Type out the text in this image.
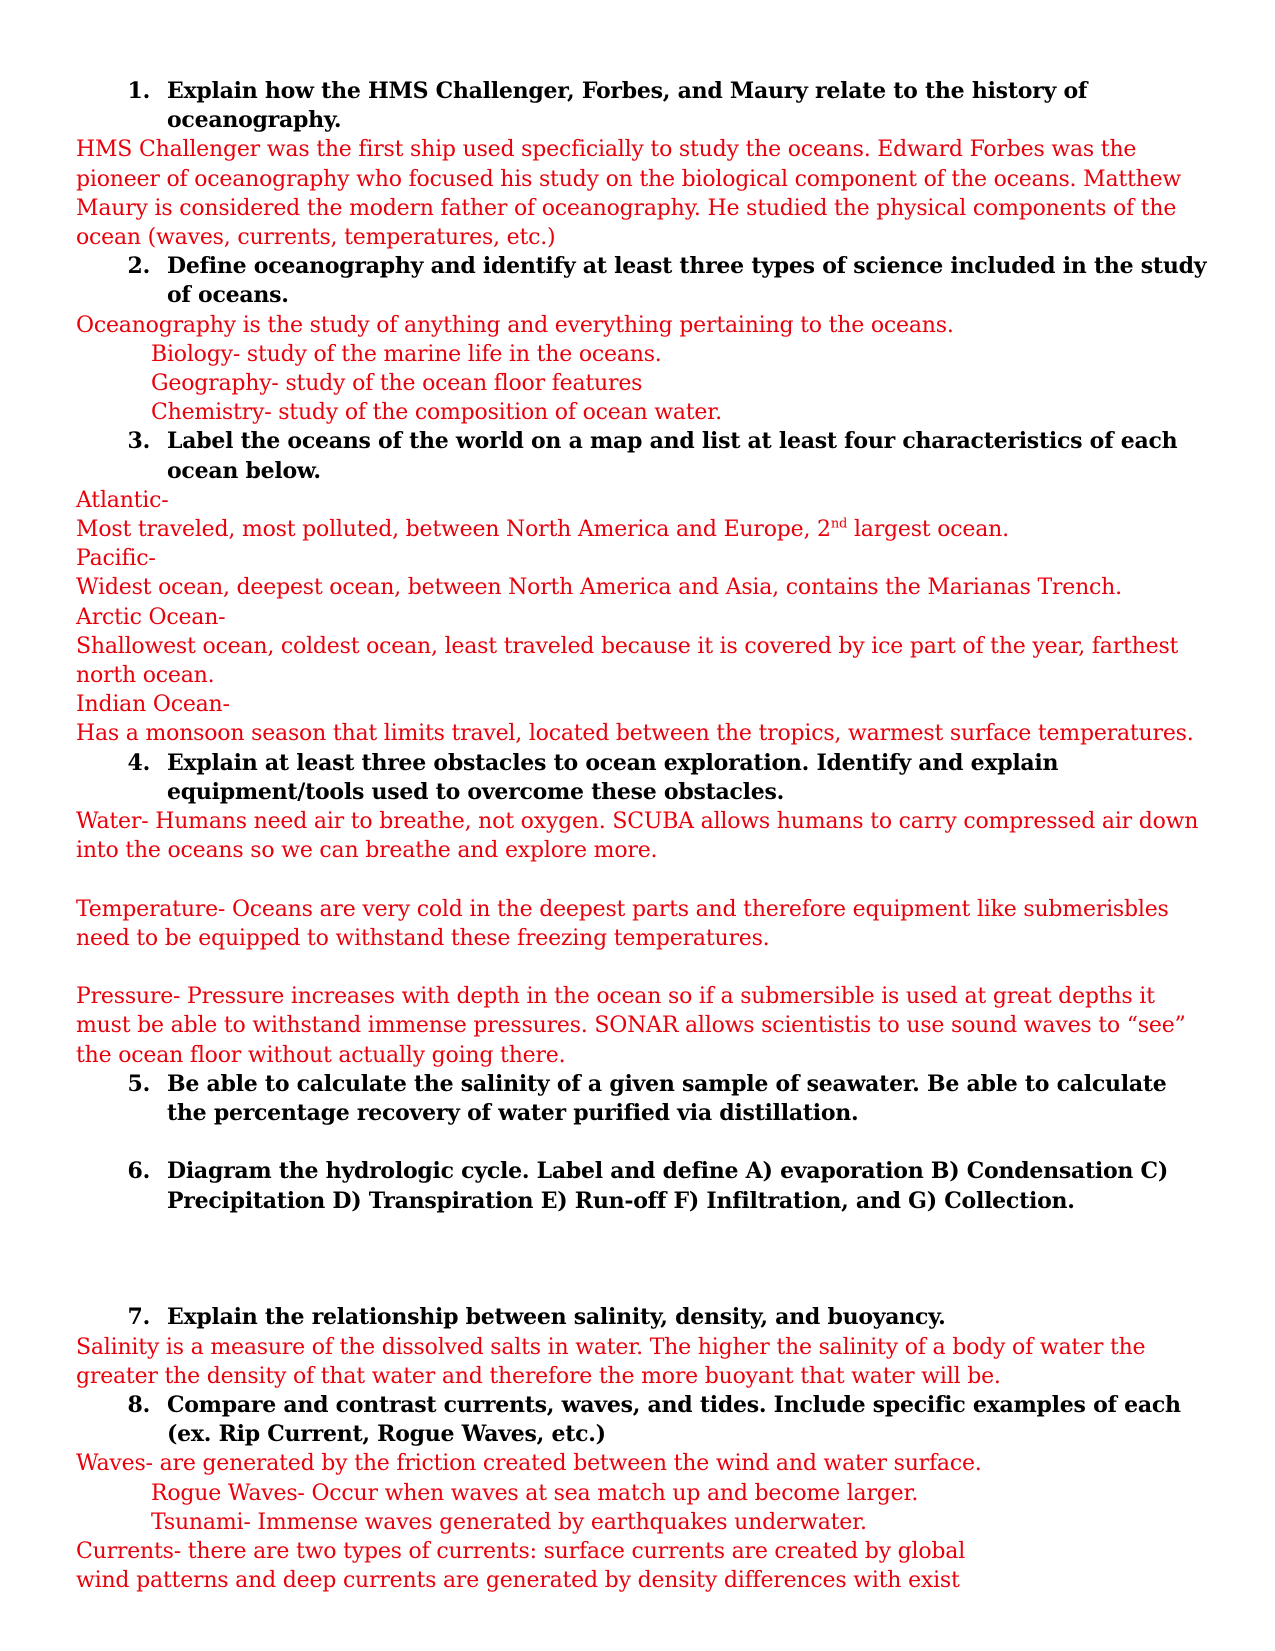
1. Explain how the HMS Challenger, Forbes, and Maury relate to the history of oceanography.
HMS Challenger was the first ship used specficially to study the oceans. Edward Forbes was the pioneer of oceanography who focused his study on the biological component of the oceans. Matthew Maury is considered the modern father of oceanography. He studied the physical components of the ocean (waves, currents, temperatures, etc.)
2. Define oceanography and identify at least three types of science included in the study of oceans.
Oceanography is the study of anything and everything pertaining to the oceans.
Biology- study of the marine life in the oceans.
Geography- study of the ocean floor features
Chemistry- study of the composition of ocean water.
3. Label the oceans of the world on a map and list at least four characteristics of each ocean below.
Atlantic-
Most traveled, most polluted, between North America and Europe, 2nd largest ocean.
Pacific-
Widest ocean, deepest ocean, between North America and Asia, contains the Marianas Trench.
Arctic Ocean-
Shallowest ocean, coldest ocean, least traveled because it is covered by ice part of the year, farthest north ocean.
Indian Ocean-
Has a monsoon season that limits travel, located between the tropics, warmest surface temperatures.
4. Explain at least three obstacles to ocean exploration. Identify and explain equipment/tools used to overcome these obstacles.
Water- Humans need air to breathe, not oxygen. SCUBA allows humans to carry compressed air down into the oceans so we can breathe and explore more.
Temperature- Oceans are very cold in the deepest parts and therefore equipment like submerisbles need to be equipped to withstand these freezing temperatures.
Pressure- Pressure increases with depth in the ocean so if a submersible is used at great depths it must be able to withstand immense pressures. SONAR allows scientistis to use sound waves to “see” the ocean floor without actually going there.
5. Be able to calculate the salinity of a given sample of seawater. Be able to calculate the percentage recovery of water purified via distillation.
6. Diagram the hydrologic cycle. Label and define A) evaporation B) Condensation C) Precipitation D) Transpiration E) Run-off F) Infiltration, and G) Collection.
7. Explain the relationship between salinity, density, and buoyancy.
Salinity is a measure of the dissolved salts in water. The higher the salinity of a body of water the greater the density of that water and therefore the more buoyant that water will be.
8. Compare and contrast currents, waves, and tides. Include specific examples of each (ex. Rip Current, Rogue Waves, etc.)
Waves- are generated by the friction created between the wind and water surface.
Rogue Waves- Occur when waves at sea match up and become larger.
Tsunami- Immense waves generated by earthquakes underwater.
Currents- there are two types of currents: surface currents are created by global
wind patterns and deep currents are generated by density differences with exist
